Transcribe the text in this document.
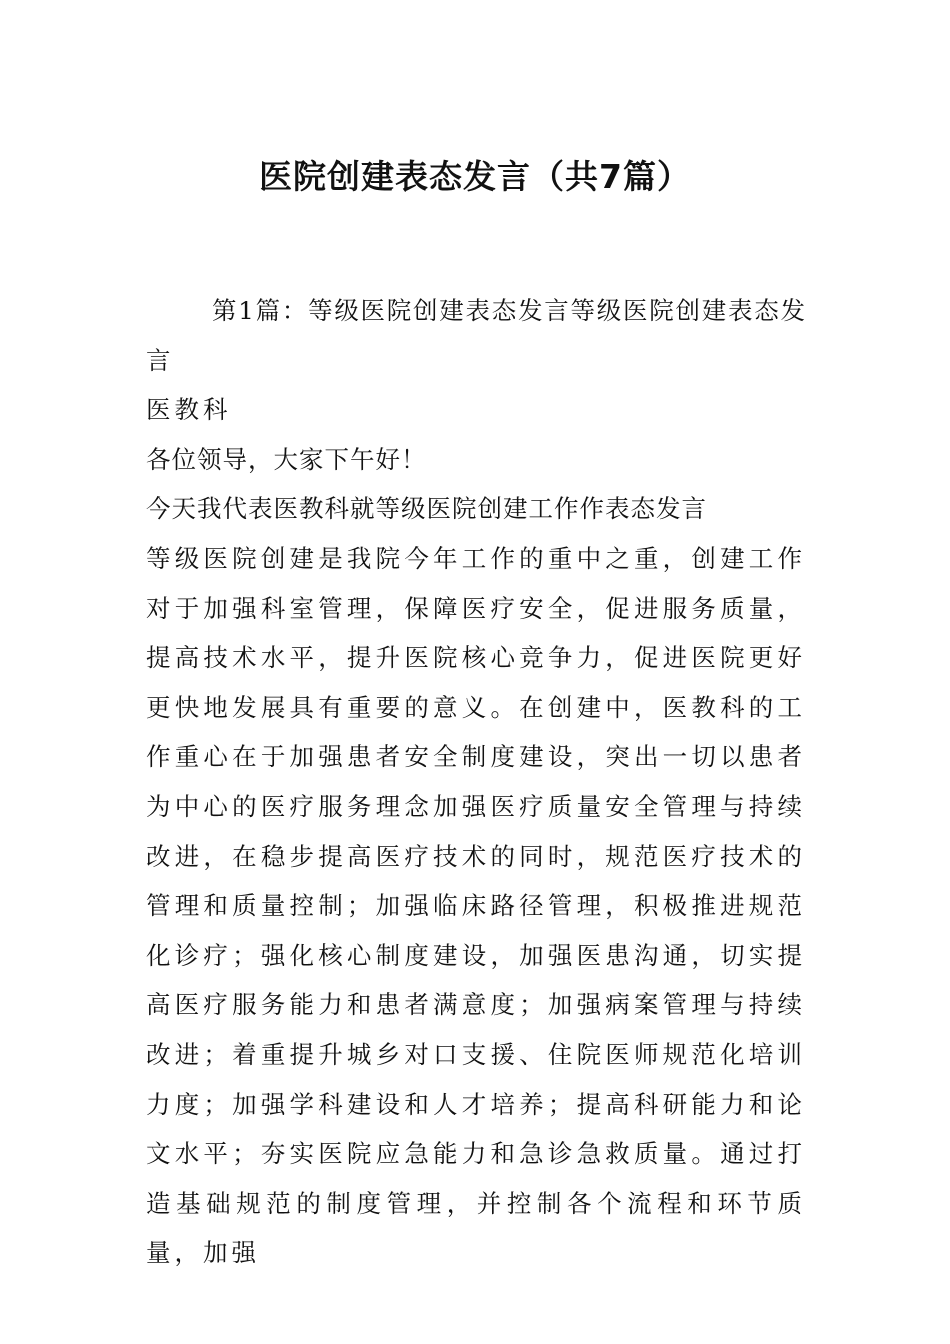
医院创建表态发言（共7篇）

第1篇：等级医院创建表态发言等级医院创建表态发言

医教科

各位领导，大家下午好！

今天我代表医教科就等级医院创建工作作表态发言

等级医院创建是我院今年工作的重中之重，创建工作对于加强科室管理，保障医疗安全，促进服务质量，提高技术水平，提升医院核心竞争力，促进医院更好更快地发展具有重要的意义。在创建中，医教科的工作重心在于加强患者安全制度建设，突出一切以患者为中心的医疗服务理念加强医疗质量安全管理与持续改进，在稳步提高医疗技术的同时，规范医疗技术的管理和质量控制；加强临床路径管理，积极推进规范化诊疗；强化核心制度建设，加强医患沟通，切实提高医疗服务能力和患者满意度；加强病案管理与持续改进；着重提升城乡对口支援、住院医师规范化培训力度；加强学科建设和人才培养；提高科研能力和论文水平；夯实医院应急能力和急诊急救质量。通过打造基础规范的制度管理，并控制各个流程和环节质量，加强
